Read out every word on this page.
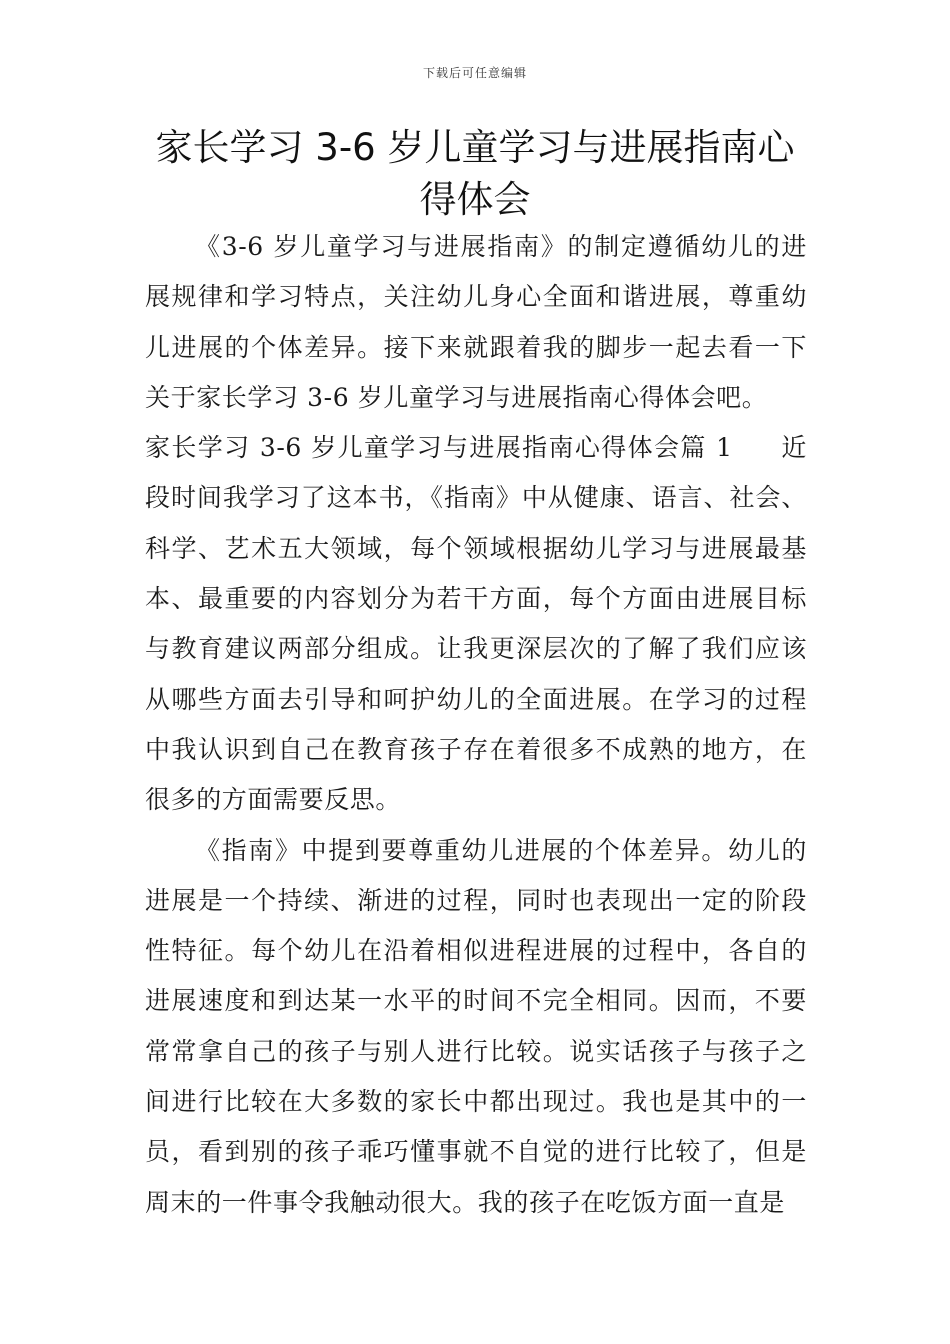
下载后可任意编辑
家长学习 3-6 岁儿童学习与进展指南心得体会

《3-6 岁儿童学习与进展指南》的制定遵循幼儿的进展规律和学习特点，关注幼儿身心全面和谐进展，尊重幼儿进展的个体差异。接下来就跟着我的脚步一起去看一下关于家长学习 3-6 岁儿童学习与进展指南心得体会吧。

家长学习 3-6 岁儿童学习与进展指南心得体会篇 1 近段时间我学习了这本书，《指南》中从健康、语言、社会、科学、艺术五大领域，每个领域根据幼儿学习与进展最基本、最重要的内容划分为若干方面，每个方面由进展目标与教育建议两部分组成。让我更深层次的了解了我们应该从哪些方面去引导和呵护幼儿的全面进展。在学习的过程中我认识到自己在教育孩子存在着很多不成熟的地方，在很多的方面需要反思。

《指南》中提到要尊重幼儿进展的个体差异。幼儿的进展是一个持续、渐进的过程，同时也表现出一定的阶段性特征。每个幼儿在沿着相似进程进展的过程中，各自的进展速度和到达某一水平的时间不完全相同。因而，不要常常拿自己的孩子与别人进行比较。说实话孩子与孩子之间进行比较在大多数的家长中都出现过。我也是其中的一员，看到别的孩子乖巧懂事就不自觉的进行比较了，但是周末的一件事令我触动很大。我的孩子在吃饭方面一直是
